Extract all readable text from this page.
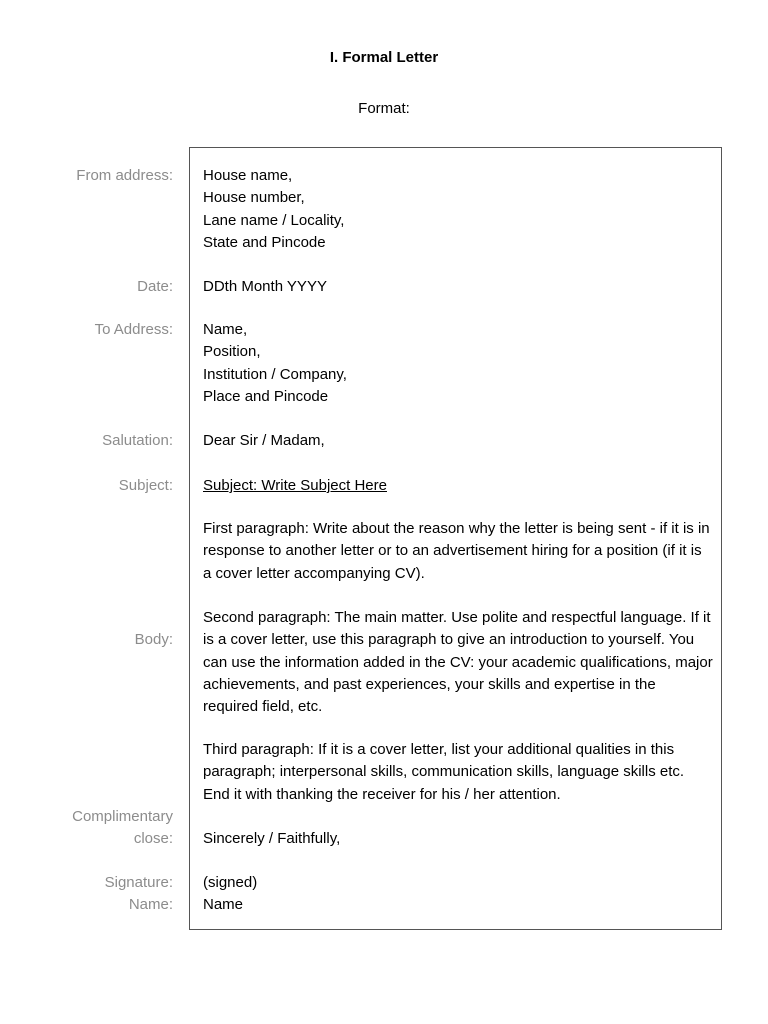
I. Formal Letter
Format:
From address:
Date:
To Address:
Salutation:
Subject:
Body:
Complimentary
close:
Signature:
Name:
House name,
House number,
Lane name / Locality,
State and Pincode
DDth Month YYYY
Name,
Position,
Institution / Company,
Place and Pincode
Dear Sir / Madam,
Subject: Write Subject Here
First paragraph: Write about the reason why the letter is being sent - if it is in response to another letter or to an advertisement hiring for a position (if it is a cover letter accompanying CV).
Second paragraph: The main matter. Use polite and respectful language. If it is a cover letter, use this paragraph to give an introduction to yourself. You can use the information added in the CV: your academic qualifications, major achievements, and past experiences, your skills and expertise in the required field, etc.
Third paragraph: If it is a cover letter, list your additional qualities in this paragraph; interpersonal skills, communication skills, language skills etc. End it with thanking the receiver for his / her attention.
Sincerely / Faithfully,
(signed)
Name
